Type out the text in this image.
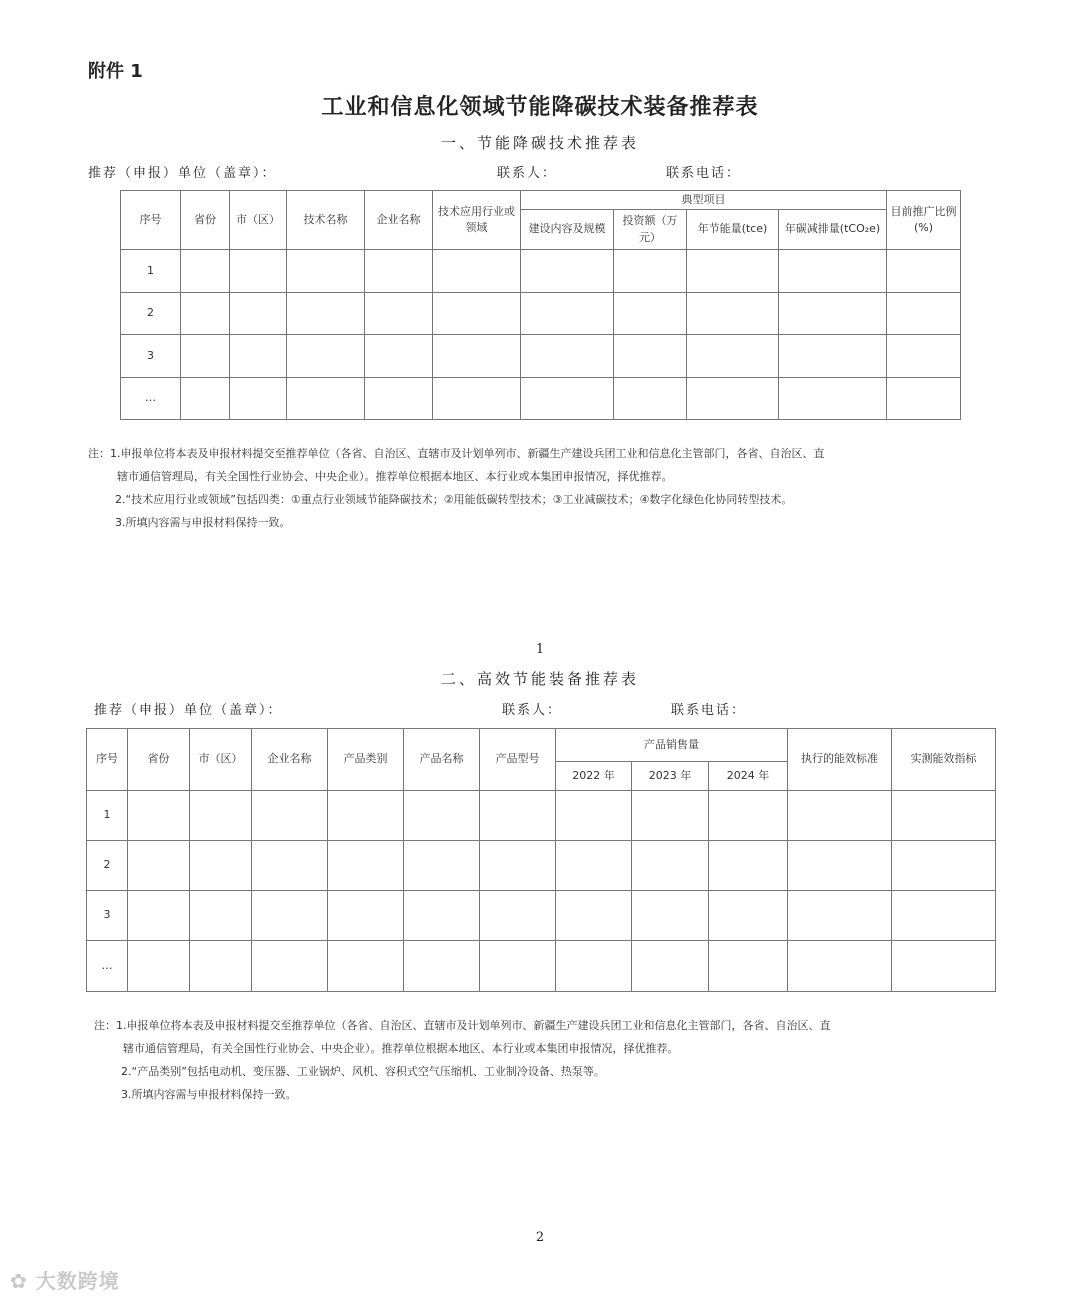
附件 1
工业和信息化领域节能降碳技术装备推荐表
一、节能降碳技术推荐表
推荐（申报）单位（盖章）：	联系人：	联系电话：
序号	省份	市（区）	技术名称	企业名称	技术应用行业或领域	典型项目				目前推广比例(%)
						建设内容及规模	投资额（万元）	年节能量(tce)	年碳减排量(tCO₂e)	
1										
2										
3										
…										
注：1.申报单位将本表及申报材料提交至推荐单位（各省、自治区、直辖市及计划单列市、新疆生产建设兵团工业和信息化主管部门，各省、自治区、直
辖市通信管理局，有关全国性行业协会、中央企业）。推荐单位根据本地区、本行业或本集团申报情况，择优推荐。
2.“技术应用行业或领域”包括四类：①重点行业领域节能降碳技术；②用能低碳转型技术；③工业减碳技术；④数字化绿色化协同转型技术。
3.所填内容需与申报材料保持一致。
1
二、高效节能装备推荐表
推荐（申报）单位（盖章）：	联系人：	联系电话：
序号	省份	市（区）	企业名称	产品类别	产品名称	产品型号	产品销售量			执行的能效标准	实测能效指标
							2022 年	2023 年	2024 年		
1											
2											
3											
…											
注：1.申报单位将本表及申报材料提交至推荐单位（各省、自治区、直辖市及计划单列市、新疆生产建设兵团工业和信息化主管部门，各省、自治区、直
辖市通信管理局，有关全国性行业协会、中央企业）。推荐单位根据本地区、本行业或本集团申报情况，择优推荐。
2.“产品类别”包括电动机、变压器、工业锅炉、风机、容积式空气压缩机、工业制冷设备、热泵等。
3.所填内容需与申报材料保持一致。
2
✿ 大数跨境
